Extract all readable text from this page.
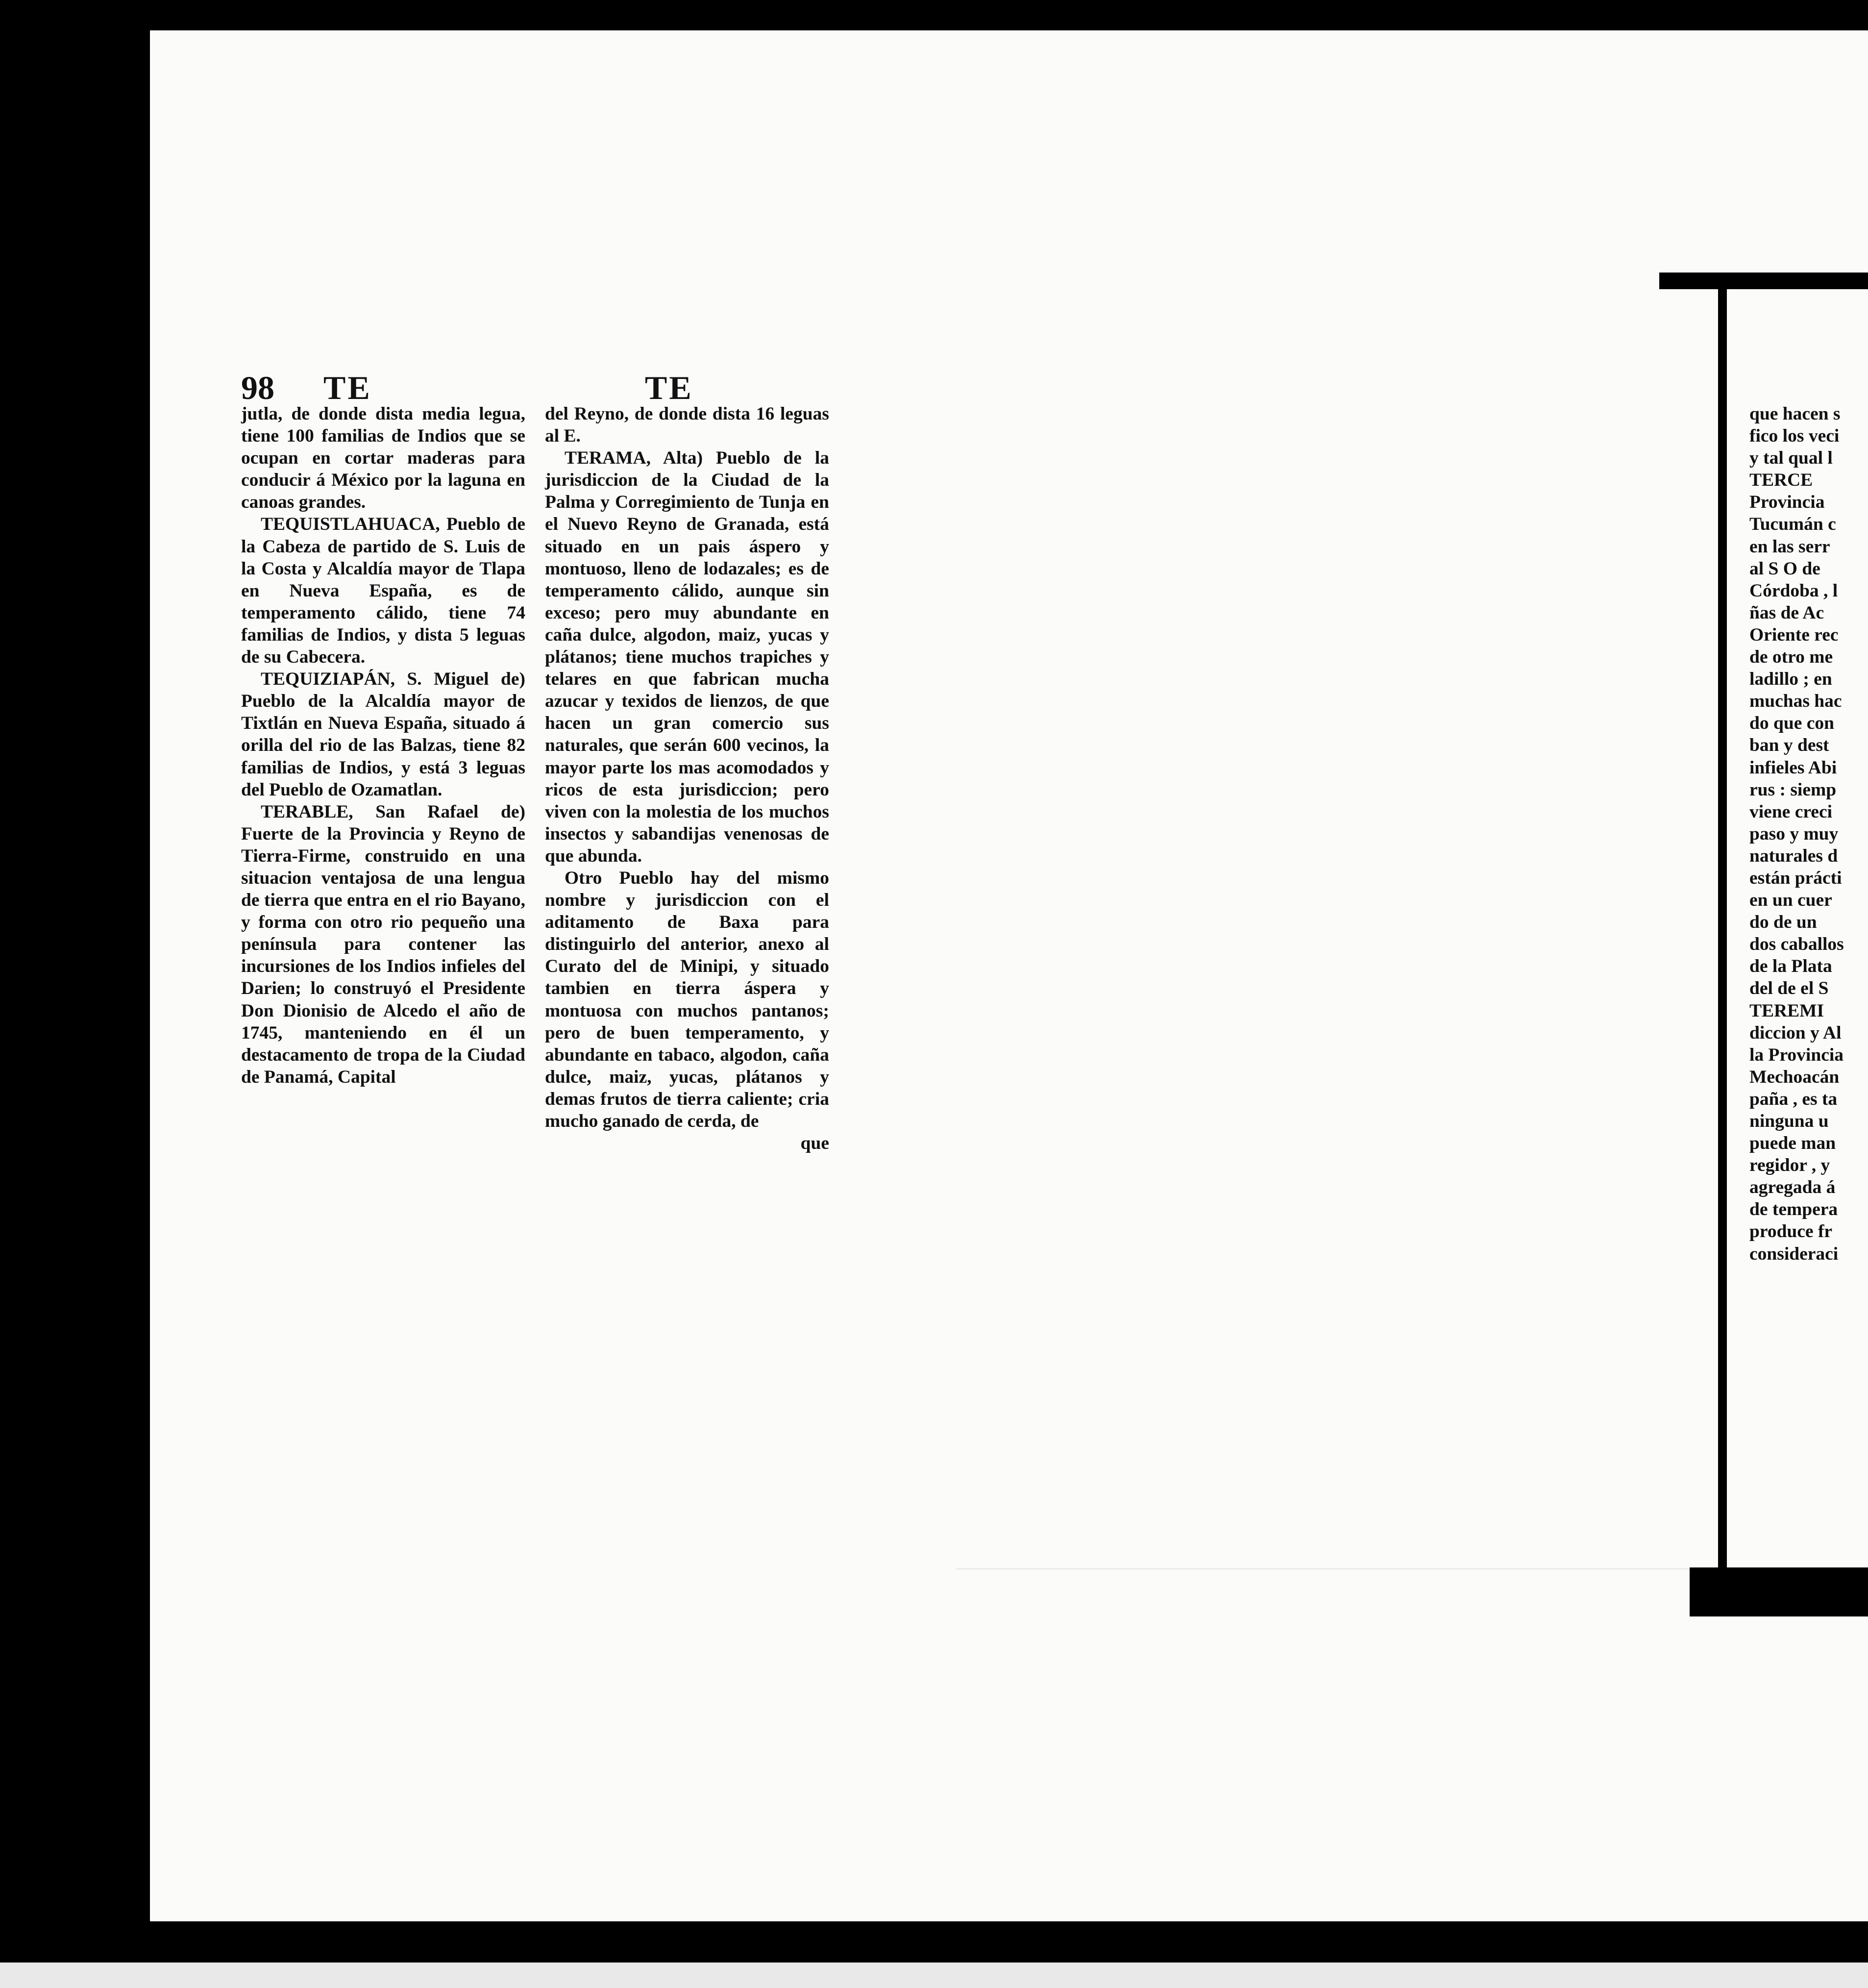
98 TE	TE

jutla, de donde dista media legua, tiene 100 familias de Indios que se ocupan en cortar maderas para conducir á México por la laguna en canoas grandes.

TEQUISTLAHUACA, Pueblo de la Cabeza de partido de S. Luis de la Costa y Alcaldía mayor de Tlapa en Nueva España, es de temperamento cálido, tiene 74 familias de Indios, y dista 5 leguas de su Cabecera.

TEQUIZIAPÁN, S. Miguel de) Pueblo de la Alcaldía mayor de Tixtlán en Nueva España, situado á orilla del rio de las Balzas, tiene 82 familias de Indios, y está 3 leguas del Pueblo de Ozamatlan.

TERABLE, San Rafael de) Fuerte de la Provincia y Reyno de Tierra-Firme, construido en una situacion ventajosa de una lengua de tierra que entra en el rio Bayano, y forma con otro rio pequeño una península para contener las incursiones de los Indios infieles del Darien; lo construyó el Presidente Don Dionisio de Alcedo el año de 1745, manteniendo en él un destacamento de tropa de la Ciudad de Panamá, Capital

del Reyno, de donde dista 16 leguas al E.

TERAMA, Alta) Pueblo de la jurisdiccion de la Ciudad de la Palma y Corregimiento de Tunja en el Nuevo Reyno de Granada, está situado en un pais áspero y montuoso, lleno de lodazales; es de temperamento cálido, aunque sin exceso; pero muy abundante en caña dulce, algodon, maiz, yucas y plátanos; tiene muchos trapiches y telares en que fabrican mucha azucar y texidos de lienzos, de que hacen un gran comercio sus naturales, que serán 600 vecinos, la mayor parte los mas acomodados y ricos de esta jurisdiccion; pero viven con la molestia de los muchos insectos y sabandijas venenosas de que abunda.

Otro Pueblo hay del mismo nombre y jurisdiccion con el aditamento de Baxa para distinguirlo del anterior, anexo al Curato del de Minipi, y situado tambien en tierra áspera y montuosa con muchos pantanos; pero de buen temperamento, y abundante en tabaco, algodon, caña dulce, maiz, yucas, plátanos y demas frutos de tierra caliente; cria mucho ganado de cerda, de

que

que hacen s

fico los veci

y tal qual l

TERCE

Provincia

Tucumán c

en las serr

al S O de

Córdoba , l

ñas de Ac

Oriente rec

de otro me

ladillo ; en

muchas hac

do que con

ban y dest

infieles Abi

rus : siemp

viene creci

paso y muy

naturales d

están prácti

en un cuer

do de un

dos caballos

de la Plata

del de el S

TEREMI

diccion y Al

la Provincia

Mechoacán

paña , es ta

ninguna u

puede man

regidor , y

agregada á

de tempera

produce fr

consideraci
